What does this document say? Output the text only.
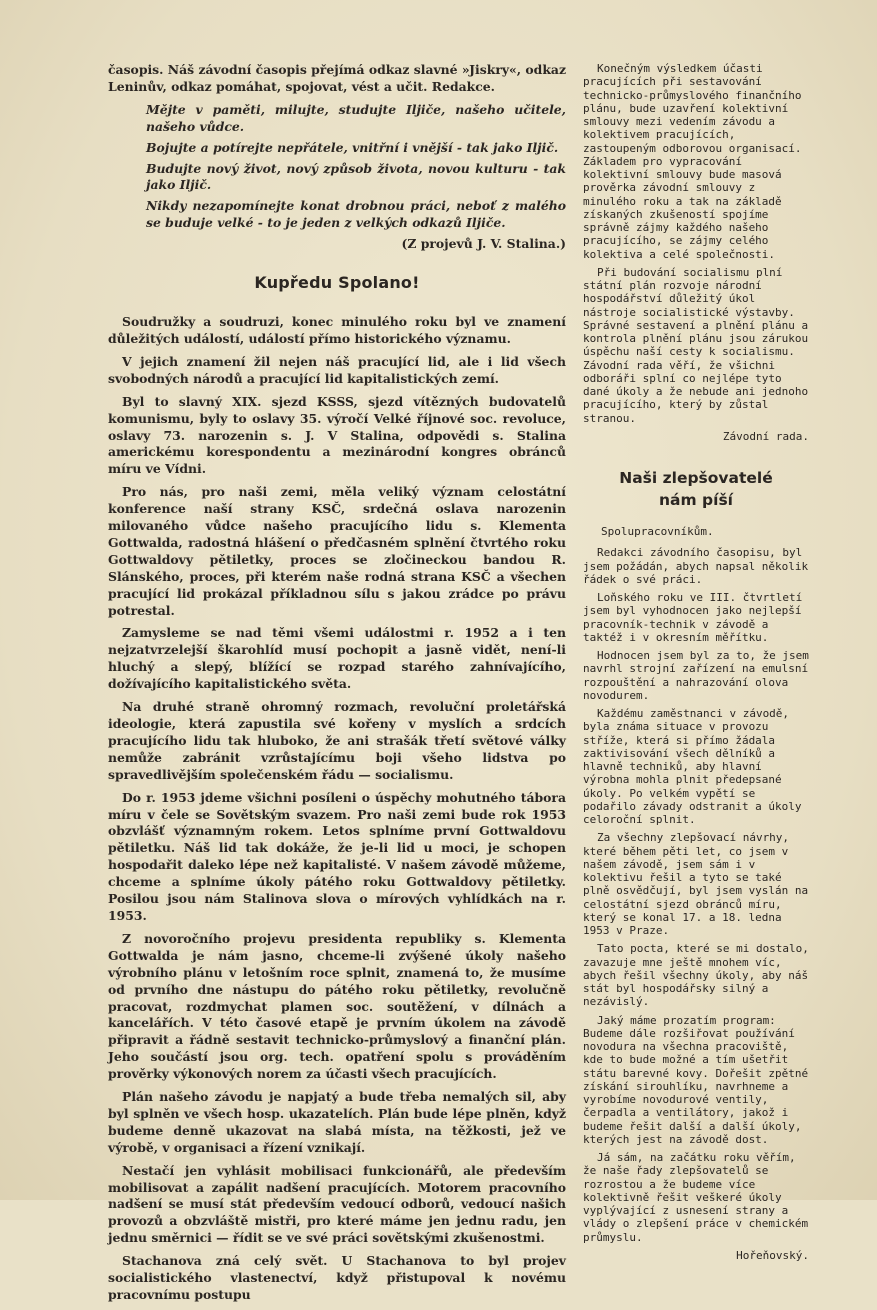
časopis. Náš závodní časopis přejímá odkaz slavné »Jiskry«, odkaz Leninův, odkaz pomáhat, spojovat, vést a učit. Redakce.

Mějte v paměti, milujte, studujte Iljiče, našeho učitele, našeho vůdce.

Bojujte a potírejte nepřátele, vnitřní i vnější - tak jako Iljič.

Budujte nový život, nový způsob života, novou kulturu - tak jako Iljič.

Nikdy nezapomínejte konat drobnou práci, neboť z malého se buduje velké - to je jeden z velkých odkazů Iljiče.

(Z projevů J. V. Stalina.)

Kupředu Spolano!

Soudružky a soudruzi, konec minulého roku byl ve znamení důležitých událostí, událostí přímo historického významu.

V jejich znamení žil nejen náš pracující lid, ale i lid všech svobodných národů a pracující lid kapitalistických zemí.

Byl to slavný XIX. sjezd KSSS, sjezd vítězných budovatelů komunismu, byly to oslavy 35. výročí Velké říjnové soc. revoluce, oslavy 73. narozenin s. J. V Stalina, odpovědi s. Stalina americkému korespondentu a mezinárodní kongres obránců míru ve Vídni.

Pro nás, pro naši zemi, měla veliký význam celostátní konference naší strany KSČ, srdečná oslava narozenin milovaného vůdce našeho pracujícího lidu s. Klementa Gottwalda, radostná hlášení o předčasném splnění čtvrtého roku Gottwaldovy pětiletky, proces se zločineckou bandou R. Slánského, proces, při kterém naše rodná strana KSČ a všechen pracující lid prokázal příkladnou sílu s jakou zrádce po právu potrestal.

Zamysleme se nad těmi všemi událostmi r. 1952 a i ten nejzatvrzelejší škarohlíd musí pochopit a jasně vidět, není-li hluchý a slepý, blížící se rozpad starého zahnívajícího, dožívajícího kapitalistického světa.

Na druhé straně ohromný rozmach, revoluční proletářská ideologie, která zapustila své kořeny v myslích a srdcích pracujícího lidu tak hluboko, že ani strašák třetí světové války nemůže zabránit vzrůstajícímu boji všeho lidstva po spravedlivějším společenském řádu — socialismu.

Do r. 1953 jdeme všichni posíleni o úspěchy mohutného tábora míru v čele se Sovětským svazem. Pro naši zemi bude rok 1953 obzvlášť významným rokem. Letos splníme první Gottwaldovu pětiletku. Náš lid tak dokáže, že je-li lid u moci, je schopen hospodařit daleko lépe než kapitalisté. V našem závodě můžeme, chceme a splníme úkoly pátého roku Gottwaldovy pětiletky. Posilou jsou nám Stalinova slova o mírových vyhlídkách na r. 1953.

Z novoročního projevu presidenta republiky s. Klementa Gottwalda je nám jasno, chceme-li zvýšené úkoly našeho výrobního plánu v letošním roce splnit, znamená to, že musíme od prvního dne nástupu do pátého roku pětiletky, revolučně pracovat, rozdmychat plamen soc. soutěžení, v dílnách a kancelářích. V této časové etapě je prvním úkolem na závodě připravit a řádně sestavit technicko-průmyslový a finanční plán. Jeho součástí jsou org. tech. opatření spolu s prováděním prověrky výkonových norem za účasti všech pracujících.

Plán našeho závodu je napjatý a bude třeba nemalých sil, aby byl splněn ve všech hosp. ukazatelích. Plán bude lépe plněn, když budeme denně ukazovat na slabá místa, na těžkosti, jež ve výrobě, v organisaci a řízení vznikají.

Nestačí jen vyhlásit mobilisaci funkcionářů, ale především mobilisovat a zapálit nadšení pracujících. Motorem pracovního nadšení se musí stát především vedoucí odborů, vedoucí našich provozů a obzvláště mistři, pro které máme jen jednu radu, jen jednu směrnici — řídit se ve své práci sovětskými zkušenostmi.

Stachanova zná celý svět. U Stachanova to byl projev socialistického vlastenectví, když přistupoval k novému pracovnímu postupu

Konečným výsledkem účasti pracujících při sestavování technicko-průmyslového finančního plánu, bude uzavření kolektivní smlouvy mezi vedením závodu a kolektivem pracujících, zastoupeným odborovou organisací. Základem pro vypracování kolektivní smlouvy bude masová prověrka závodní smlouvy z minulého roku a tak na základě získaných zkušeností spojíme správně zájmy každého našeho pracujícího, se zájmy celého kolektiva a celé společnosti.

Při budování socialismu plní státní plán rozvoje národní hospodářství důležitý úkol nástroje socialistické výstavby. Správné sestavení a plnění plánu a kontrola plnění plánu jsou zárukou úspěchu naší cesty k socialismu. Závodní rada věří, že všichni odboráři splní co nejlépe tyto dané úkoly a že nebude ani jednoho pracujícího, který by zůstal stranou.

Závodní rada.

Naši zlepšovatelé
nám píší

Spolupracovníkům.

Redakci závodního časopisu, byl jsem požádán, abych napsal několik řádek o své práci.

Loňského roku ve III. čtvrtletí jsem byl vyhodnocen jako nejlepší pracovník-technik v závodě a taktéž i v okresním měřítku.

Hodnocen jsem byl za to, že jsem navrhl strojní zařízení na emulsní rozpouštění a nahrazování olova novodurem.

Každému zaměstnanci v závodě, byla známa situace v provozu stříže, která si přímo žádala zaktivisování všech dělníků a hlavně techniků, aby hlavní výrobna mohla plnit předepsané úkoly. Po velkém vypětí se podařilo závady odstranit a úkoly celoroční splnit.

Za všechny zlepšovací návrhy, které během pěti let, co jsem v našem závodě, jsem sám i v kolektivu řešil a tyto se také plně osvědčují, byl jsem vyslán na celostátní sjezd obránců míru, který se konal 17. a 18. ledna 1953 v Praze.

Tato pocta, které se mi dostalo, zavazuje mne ještě mnohem víc, abych řešil všechny úkoly, aby náš stát byl hospodářsky silný a nezávislý.

Jaký máme prozatím program: Budeme dále rozšiřovat používání novodura na všechna pracoviště, kde to bude možné a tím ušetřit státu barevné kovy. Dořešit zpětné získání sirouhlíku, navrhneme a vyrobíme novodurové ventily, čerpadla a ventilátory, jakož i budeme řešit další a další úkoly, kterých jest na závodě dost.

Já sám, na začátku roku věřím, že naše řady zlepšovatelů se rozrostou a že budeme více kolektivně řešit veškeré úkoly vyplývající z usnesení strany a vlády o zlepšení práce v chemickém průmyslu.

Hořeňovský.
